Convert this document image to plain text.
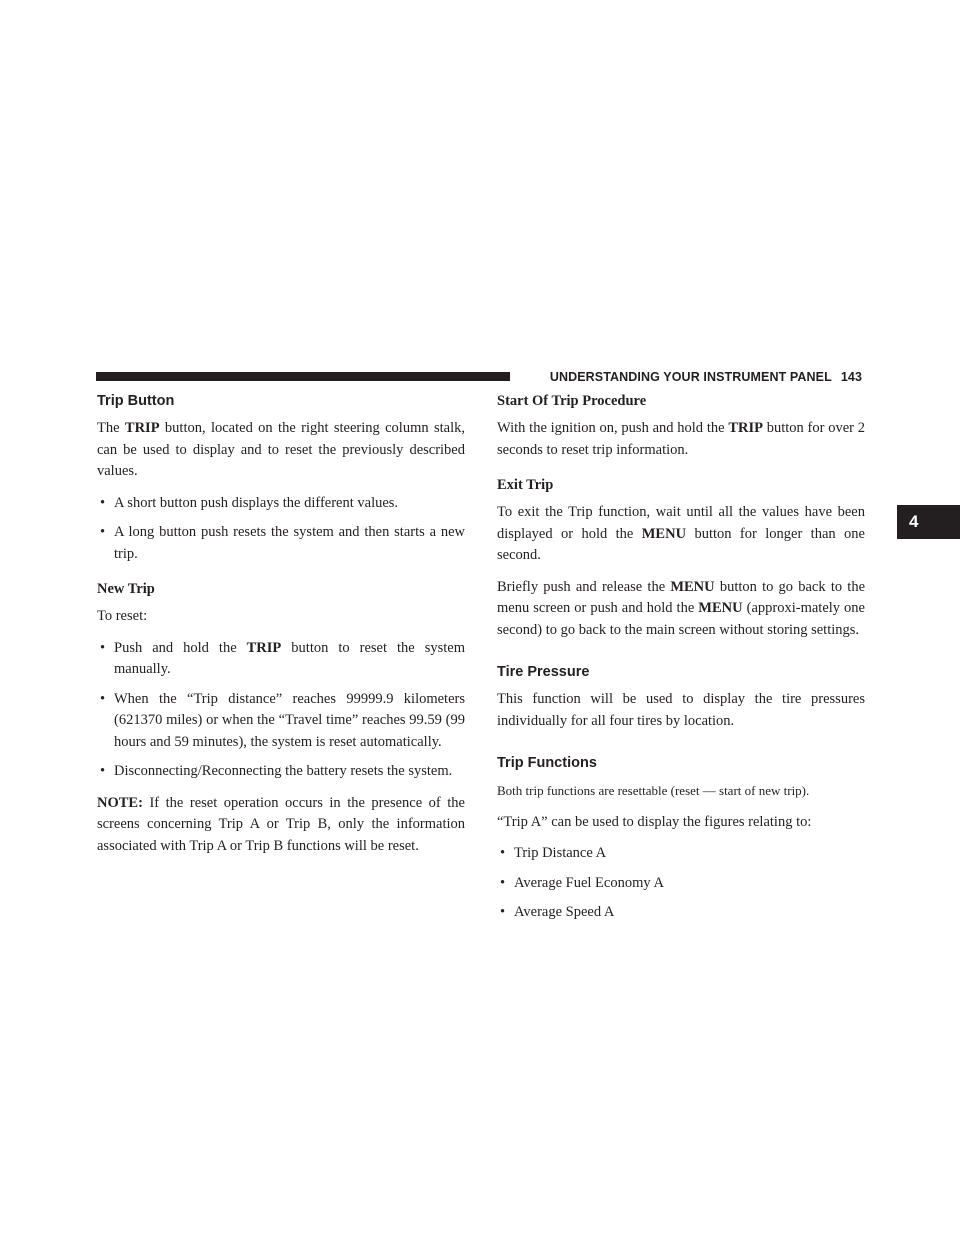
UNDERSTANDING YOUR INSTRUMENT PANEL 143
4
Trip Button

The TRIP button, located on the right steering column stalk, can be used to display and to reset the previously described values.

• A short button push displays the different values.
• A long button push resets the system and then starts a new trip.
New Trip

To reset:

• Push and hold the TRIP button to reset the system manually.
• When the “Trip distance” reaches 99999.9 kilometers (621370 miles) or when the “Travel time” reaches 99.59 (99 hours and 59 minutes), the system is reset automatically.
• Disconnecting/Reconnecting the battery resets the system.

NOTE: If the reset operation occurs in the presence of the screens concerning Trip A or Trip B, only the information associated with Trip A or Trip B functions will be reset.

Start Of Trip Procedure

With the ignition on, push and hold the TRIP button for over 2 seconds to reset trip information.

Exit Trip

To exit the Trip function, wait until all the values have been displayed or hold the MENU button for longer than one second.

Briefly push and release the MENU button to go back to the menu screen or push and hold the MENU (approxi-mately one second) to go back to the main screen without storing settings.

Tire Pressure

This function will be used to display the tire pressures individually for all four tires by location.

Trip Functions

Both trip functions are resettable (reset — start of new trip).

“Trip A” can be used to display the figures relating to:

• Trip Distance A
• Average Fuel Economy A
• Average Speed A
